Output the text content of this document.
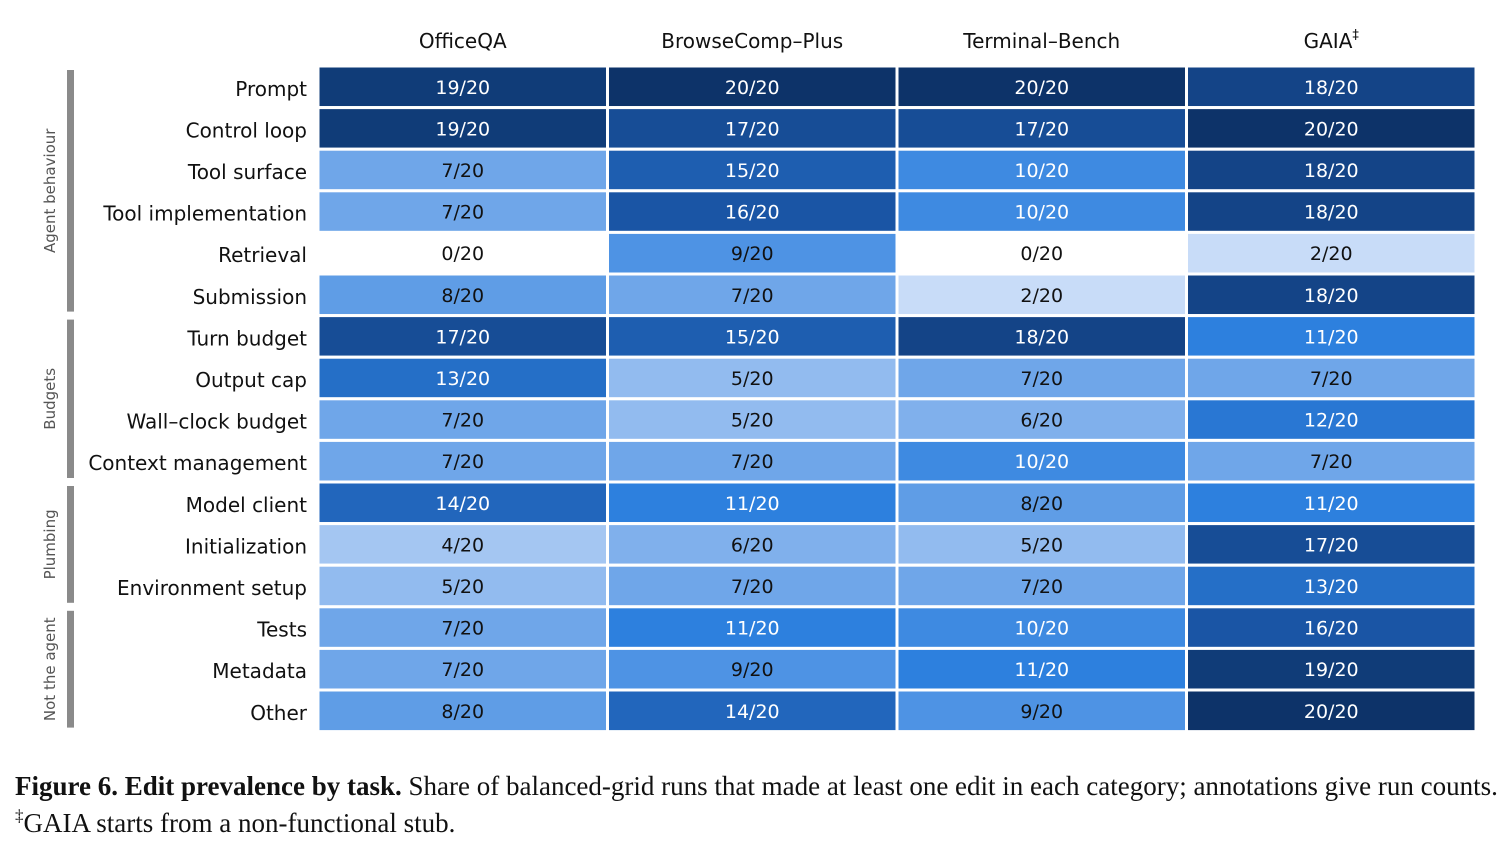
OfficeQA	BrowseComp–Plus	Terminal–Bench	GAIA‡
Prompt	19/20	20/20	20/20	18/20
Control loop	19/20	17/20	17/20	20/20
Tool surface	7/20	15/20	10/20	18/20
Tool implementation	7/20	16/20	10/20	18/20
Retrieval	0/20	9/20	0/20	2/20
Submission	8/20	7/20	2/20	18/20
Agent behaviour
Turn budget	17/20	15/20	18/20	11/20
Output cap	13/20	5/20	7/20	7/20
Wall–clock budget	7/20	5/20	6/20	12/20
Context management	7/20	7/20	10/20	7/20
Budgets
Model client	14/20	11/20	8/20	11/20
Initialization	4/20	6/20	5/20	17/20
Environment setup	5/20	7/20	7/20	13/20
Plumbing
Tests	7/20	11/20	10/20	16/20
Metadata	7/20	9/20	11/20	19/20
Other	8/20	14/20	9/20	20/20
Not the agent
Figure 6. Edit prevalence by task. Share of balanced-grid runs that made at least one edit in each category; annotations give run counts. ‡GAIA starts from a non-functional stub.
